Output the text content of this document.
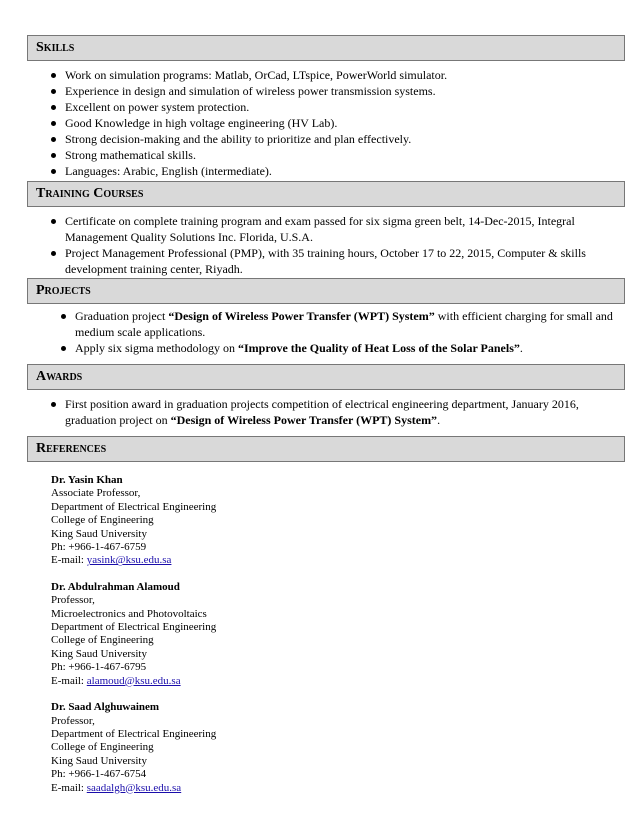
Skills
Work on simulation programs: Matlab, OrCad, LTspice, PowerWorld simulator.
Experience in design and simulation of wireless power transmission systems.
Excellent on power system protection.
Good Knowledge in high voltage engineering (HV Lab).
Strong decision-making and the ability to prioritize and plan effectively.
Strong mathematical skills.
Languages: Arabic, English (intermediate).
Training Courses
Certificate on complete training program and exam passed for six sigma green belt, 14-Dec-2015, Integral Management Quality Solutions Inc. Florida, U.S.A.
Project Management Professional (PMP), with 35 training hours, October 17 to 22, 2015, Computer & skills development training center, Riyadh.
Projects
Graduation project “Design of Wireless Power Transfer (WPT) System” with efficient charging for small and medium scale applications.
Apply six sigma methodology on “Improve the Quality of Heat Loss of the Solar Panels”.
Awards
First position award in graduation projects competition of electrical engineering department, January 2016, graduation project on “Design of Wireless Power Transfer (WPT) System”.
References
Dr. Yasin Khan
Associate Professor,
Department of Electrical Engineering
College of Engineering
King Saud University
Ph: +966-1-467-6759
E-mail: yasink@ksu.edu.sa
Dr. Abdulrahman Alamoud
Professor,
Microelectronics and Photovoltaics
Department of Electrical Engineering
College of Engineering
King Saud University
Ph: +966-1-467-6795
E-mail: alamoud@ksu.edu.sa
Dr. Saad Alghuwainem
Professor,
Department of Electrical Engineering
College of Engineering
King Saud University
Ph: +966-1-467-6754
E-mail: saadalgh@ksu.edu.sa
